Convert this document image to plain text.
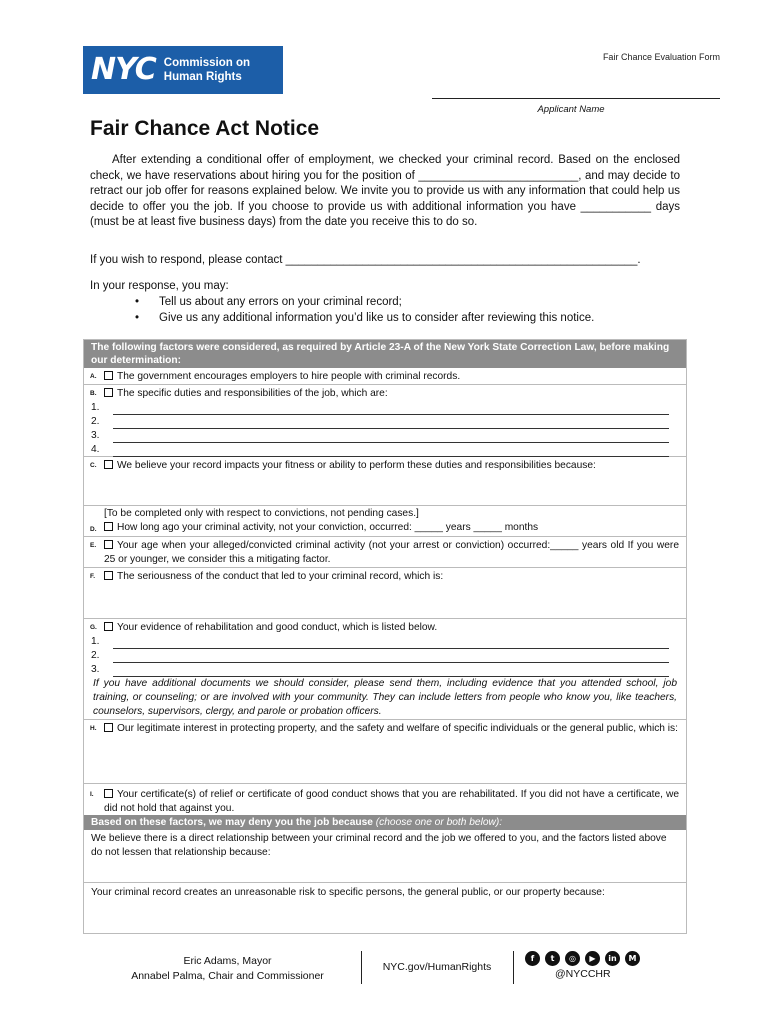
NYC Commission on
Human Rights
Fair Chance Evaluation Form
Applicant Name
Fair Chance Act Notice

After extending a conditional offer of employment, we checked your criminal record. Based on the enclosed check, we have reservations about hiring you for the position of _________________________, and may decide to retract our job offer for reasons explained below. We invite you to provide us with any information that could help us decide to offer you the job. If you choose to provide us with additional information you have ___________ days (must be at least five business days) from the date you receive this to do so.

If you wish to respond, please contact _______________________________________________________.

In your response, you may:
• Tell us about any errors on your criminal record;
• Give us any additional information you’d like us to consider after reviewing this notice.
The following factors were considered, as required by Article 23-A of the New York State Correction Law, before making our determination:
A.	The government encourages employers to hire people with criminal records.
B.	The specific duties and responsibilities of the job, which are:
1.
2.
3.
4.
C.	We believe your record impacts your fitness or ability to perform these duties and responsibilities because:
[To be completed only with respect to convictions, not pending cases.]
D.	How long ago your criminal activity, not your conviction, occurred: _____ years _____ months
E.	Your age when your alleged/convicted criminal activity (not your arrest or conviction) occurred:_____ years old If you were 25 or younger, we consider this a mitigating factor.
F.	The seriousness of the conduct that led to your criminal record, which is:
G.	Your evidence of rehabilitation and good conduct, which is listed below.
1.
2.
3.
If you have additional documents we should consider, please send them, including evidence that you attended school, job training, or counseling; or are involved with your community. They can include letters from people who know you, like teachers, counselors, supervisors, clergy, and parole or probation officers.
H.	Our legitimate interest in protecting property, and the safety and welfare of specific individuals or the general public, which is:
I.	Your certificate(s) of relief or certificate of good conduct shows that you are rehabilitated. If you did not have a certificate, we did not hold that against you.
Based on these factors, we may deny you the job because (choose one or both below):
We believe there is a direct relationship between your criminal record and the job we offered to you, and the factors listed above do not lessen that relationship because:
Your criminal record creates an unreasonable risk to specific persons, the general public, or our property because:
Eric Adams, Mayor
Annabel Palma, Chair and Commissioner
NYC.gov/HumanRights
f	t	◎	▶	in	M
@NYCCHR
